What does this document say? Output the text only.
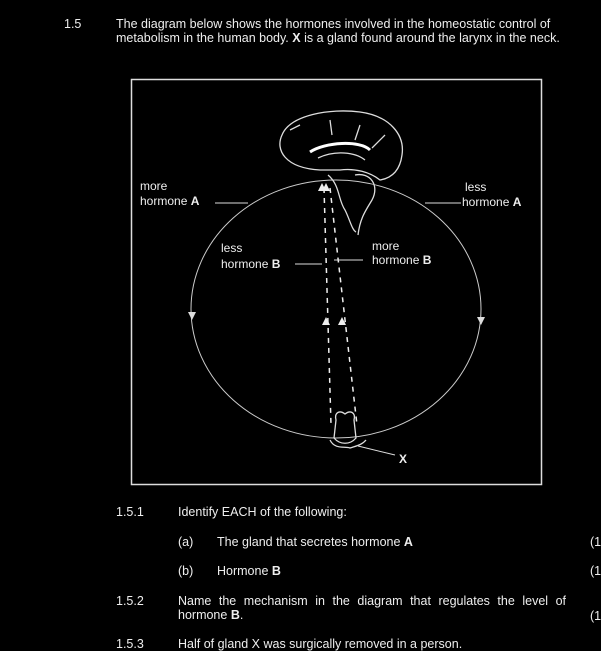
1.5	The diagram below shows the hormones involved in the homeostatic control of metabolism in the human body. X is a gland found around the larynx in the neck.
X
more
hormone A
less
hormone A
less
hormone B
more
hormone B
1.5.1	Identify EACH of the following:
(a) The gland that secretes hormone A	(1
(b) Hormone B	(1
1.5.2	Name the mechanism in the diagram that regulates the level of hormone B.	(1
1.5.3	Half of gland X was surgically removed in a person.
